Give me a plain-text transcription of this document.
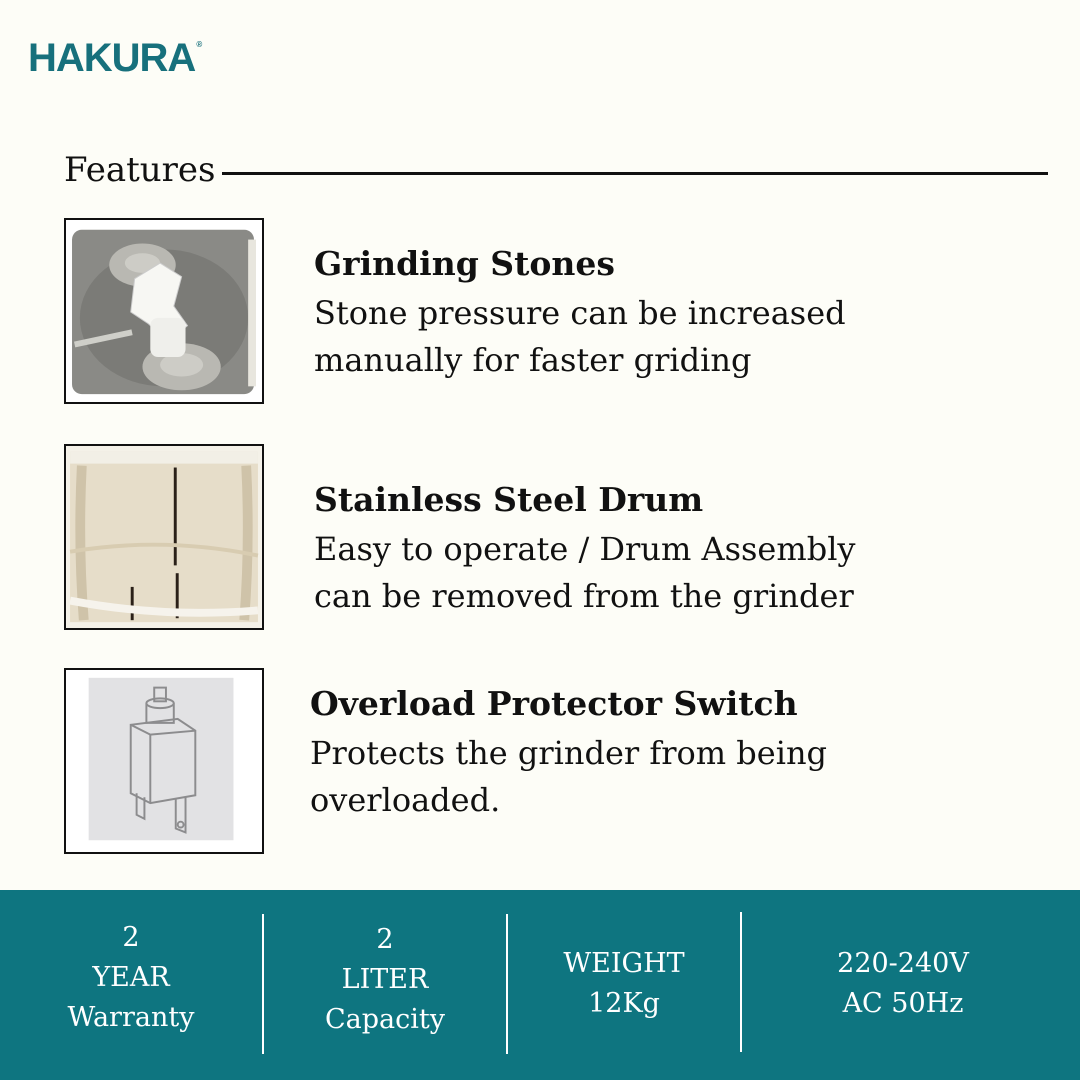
HAKURA®
Features
Grinding Stones
Stone pressure can be increased
manually for faster griding
Stainless Steel Drum
Easy to operate / Drum Assembly
can be removed from the grinder
Overload Protector Switch
Protects the grinder from being
overloaded.
2
YEAR
Warranty
2
LITER
Capacity
WEIGHT
12Kg
220-240V
AC 50Hz
